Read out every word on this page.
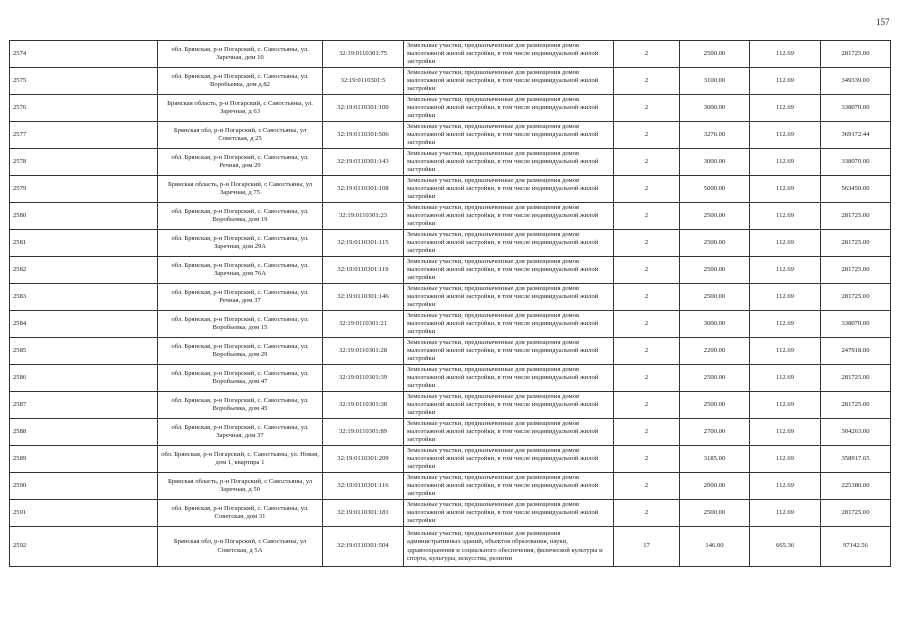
157
2574	обл. Брянская, р-н Погарский, с. Савостьяны, ул. Заречная, дом 10	32:19:0110301:75	Земельные участки, предназначенные для размещения домов малоэтажной жилой застройки, в том числе индивидуальной жилой застройки	2	2500.00	112.69	281725.00
2575	обл. Брянская, р-н Погарский, с. Савостьяны, ул. Воробьевка, дом д.82	32:19:0110301:5	Земельные участки, предназначенные для размещения домов малоэтажной жилой застройки, в том числе индивидуальной жилой застройки	2	3100.00	112.69	349339.00
2576	Брянская область, р-н Погарский, с Савостьяны, ул. Заречная, д 63	32:19:0110301:100	Земельные участки, предназначенные для размещения домов малоэтажной жилой застройки, в том числе индивидуальной жилой застройки	2	3000.00	112.69	338070.00
2577	Брянская обл, р-н Погарский, с Савостьяны, ул Советская, д 25	32:19:0110301:506	Земельные участки, предназначенные для размещения домов малоэтажной жилой застройки, в том числе индивидуальной жилой застройки	2	3276.00	112.69	369172.44
2578	обл. Брянская, р-н Погарский, с. Савостьяны, ул. Речная, дом 29	32:19:0110301:143	Земельные участки, предназначенные для размещения домов малоэтажной жилой застройки, в том числе индивидуальной жилой застройки	2	3000.00	112.69	338070.00
2579	Брянская область, р-н Погарский, с Савостьяны, ул Заречная, д 75	32:19:0110301:108	Земельные участки, предназначенные для размещения домов малоэтажной жилой застройки, в том числе индивидуальной жилой застройки	2	5000.00	112.69	563450.00
2580	обл. Брянская, р-н Погарский, с. Савостьяны, ул. Воробьевка, дом 19	32:19:0110301:23	Земельные участки, предназначенные для размещения домов малоэтажной жилой застройки, в том числе индивидуальной жилой застройки	2	2500.00	112.69	281725.00
2581	обл. Брянская, р-н Погарский, с. Савостьяны, ул. Заречная, дом 29А	32:19:0110301:115	Земельные участки, предназначенные для размещения домов малоэтажной жилой застройки, в том числе индивидуальной жилой застройки	2	2500.00	112.69	281725.00
2582	обл. Брянская, р-н Погарский, с. Савостьяны, ул. Заречная, дом 76А	32:19:0110301:119	Земельные участки, предназначенные для размещения домов малоэтажной жилой застройки, в том числе индивидуальной жилой застройки	2	2500.00	112.69	281725.00
2583	обл. Брянская, р-н Погарский, с. Савостьяны, ул. Речная, дом 37	32:19:0110301:146	Земельные участки, предназначенные для размещения домов малоэтажной жилой застройки, в том числе индивидуальной жилой застройки	2	2500.00	112.69	281725.00
2584	обл. Брянская, р-н Погарский, с. Савостьяны, ул. Воробьевка, дом 15	32:19:0110301:21	Земельные участки, предназначенные для размещения домов малоэтажной жилой застройки, в том числе индивидуальной жилой застройки	2	3000.00	112.69	338070.00
2585	обл. Брянская, р-н Погарский, с. Савостьяны, ул. Воробьевка, дом 29	32:19:0110301:28	Земельные участки, предназначенные для размещения домов малоэтажной жилой застройки, в том числе индивидуальной жилой застройки	2	2200.00	112.69	247918.00
2586	обл. Брянская, р-н Погарский, с. Савостьяны, ул. Воробьевка, дом 47	32:19:0110301:39	Земельные участки, предназначенные для размещения домов малоэтажной жилой застройки, в том числе индивидуальной жилой застройки	2	2500.00	112.69	281725.00
2587	обл. Брянская, р-н Погарский, с. Савостьяны, ул. Воробьевка, дом 45	32:19:0110301:38	Земельные участки, предназначенные для размещения домов малоэтажной жилой застройки, в том числе индивидуальной жилой застройки	2	2500.00	112.69	281725.00
2588	обл. Брянская, р-н Погарский, с. Савостьяны, ул. Заречная, дом 37	32:19:0110301:89	Земельные участки, предназначенные для размещения домов малоэтажной жилой застройки, в том числе индивидуальной жилой застройки	2	2700.00	112.69	304263.00
2589	обл. Брянская, р-н Погарский, с. Савостьяны, ул. Новая, дом 1, квартира 1	32:19:0110301:209	Земельные участки, предназначенные для размещения домов малоэтажной жилой застройки, в том числе индивидуальной жилой застройки	2	3185.00	112.69	358917.65
2590	Брянская область, р-н Погарский, с Савостьяны, ул Заречная, д 50	32:19:0110301:116	Земельные участки, предназначенные для размещения домов малоэтажной жилой застройки, в том числе индивидуальной жилой застройки	2	2000.00	112.69	225380.00
2591	обл. Брянская, р-н Погарский, с. Савостьяны, ул. Советская, дом 31	32:19:0110301:181	Земельные участки, предназначенные для размещения домов малоэтажной жилой застройки, в том числе индивидуальной жилой застройки	2	2500.00	112.69	281725.00
2592	Брянская обл, р-н Погарский, с Савостьяны, ул Советская, д 5А	32:19:0110301:504	Земельные участки, предназначенные для размещения административных зданий, объектов образования, науки, здравоохранения и социального обеспечения, физической культуры и спорта, культуры, искусства, религии	17	146.00	665.36	97142.56
